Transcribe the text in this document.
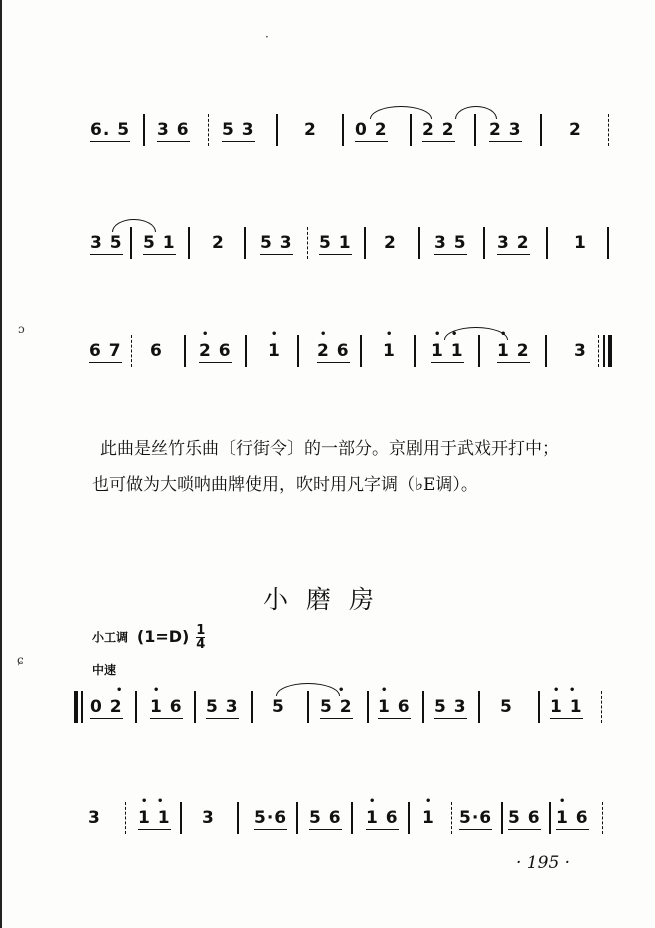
·
ɔ
ɕ
6. 5 3 6 5 3	2 0 2 2 2 2 3	2
3 5 5 1 2 5 3 5 1 2 3 5 3 2	1
6 7 6
•
2 6
•
1
•
2 6
•
1
• •
1 1
•
1 2	3
此曲是丝竹乐曲〔行街令〕的一部分。京剧用于武戏开打中；
也可做为大唢呐曲牌使用，吹时用凡字调（♭E调）。
小磨房
小工调 $(1=D) \frac{1}{4}$
中速
•
0 2
•
1 6 5 3 5
•
5 2
•
1 6 5 3 5
• •
1 1
3
• •
1 1 3 5·6 5 6
•
1 6
•
1 5·6 5 6
•
1 6
· 195 ·
